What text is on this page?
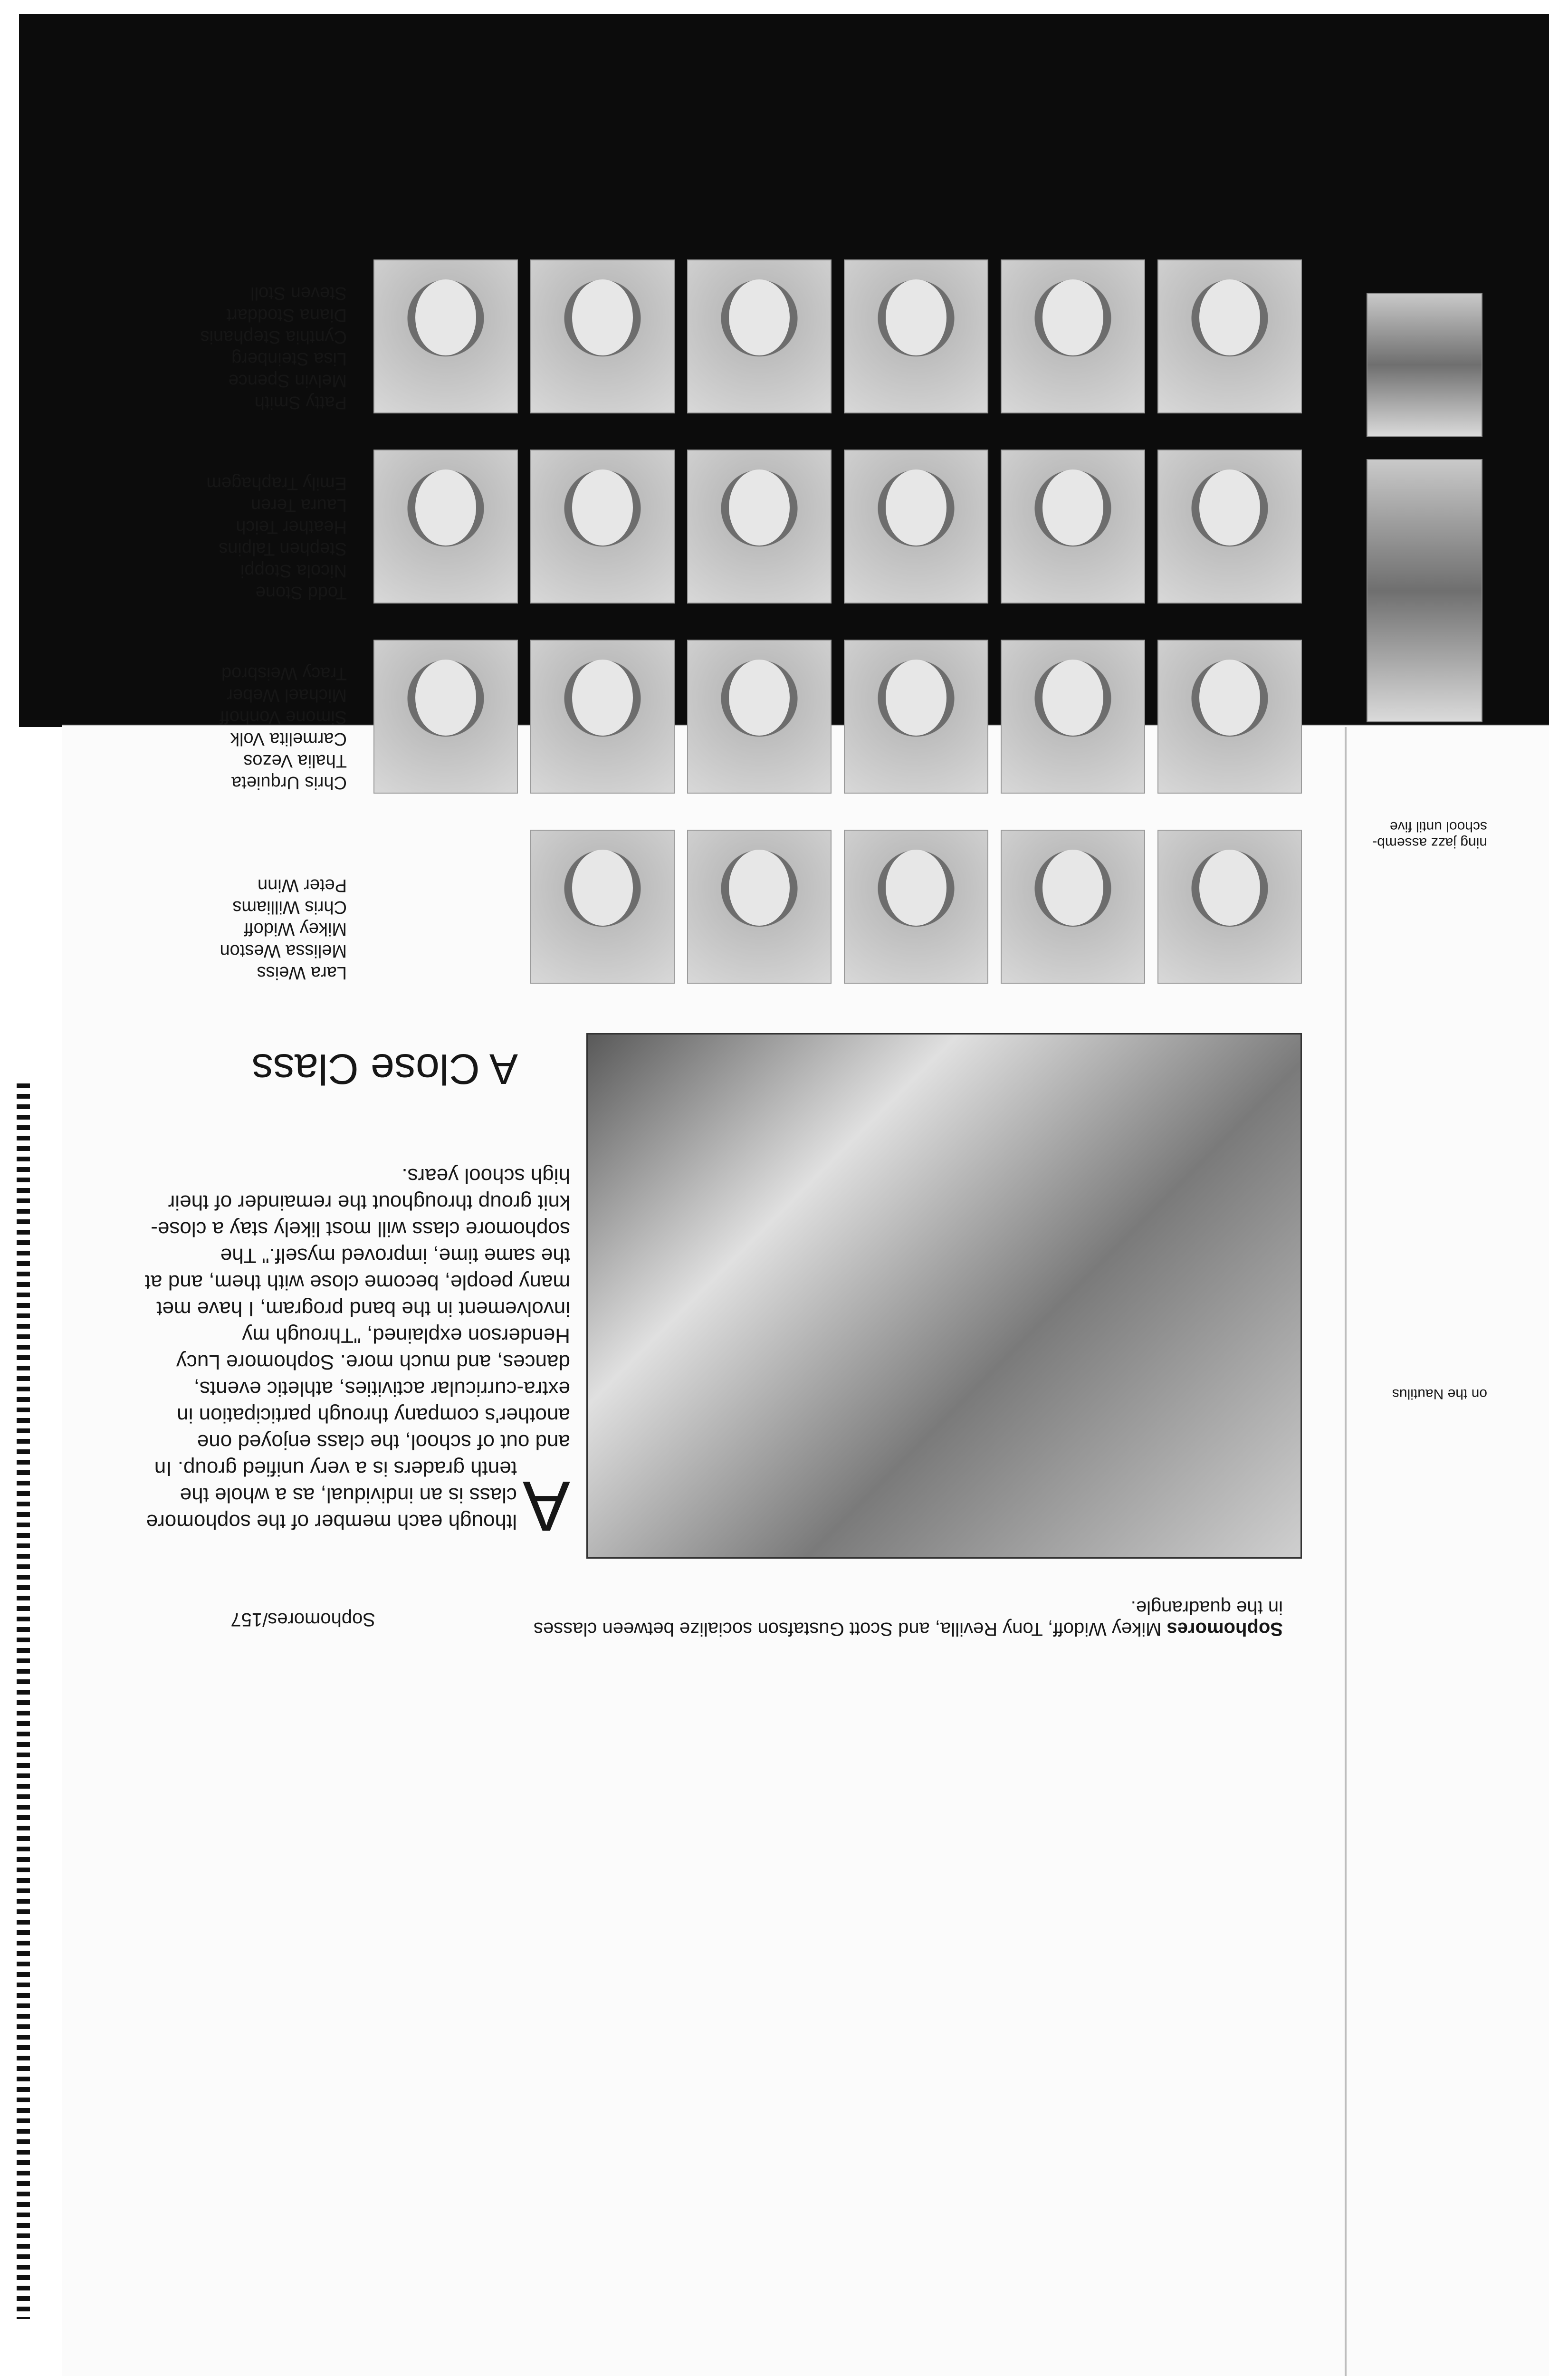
ning jazz assemb-
school until five
on the Nautilus
Sophomores Mikey Widoff, Tony Revilla, and Scott Gustafson socialize between classes in the quadrangle.
Sophomores/157
A
lthough each member of the sophomore class is an individual, as a whole the tenth graders is a very unified group. In and out of school, the class enjoyed one another's company through participation in extra-curricular activities, athletic events, dances, and much more. Sophomore Lucy Henderson explained, "Through my involvement in the band program, I have met many people, become close with them, and at the same time, improved myself." The sophomore class will most likely stay a close-knit group throughout the remainder of their high school years.
A Close Class
Lara Weiss
Melissa Weston
Mikey Widoff
Chris Williams
Peter Winn
Chris Urquieta
Thalia Vezos
Carmelita Volk
Simone Vonhoff
Michael Weber
Tracy Weisbrod
Todd Stone
Nicola Stoppi
Stephen Talpins
Heather Teich
Laura Teren
Emily Traphagem
Patty Smith
Melvin Spence
Lisa Steinberg
Cynthia Stephanis
Diana Stoddart
Steven Stoll
